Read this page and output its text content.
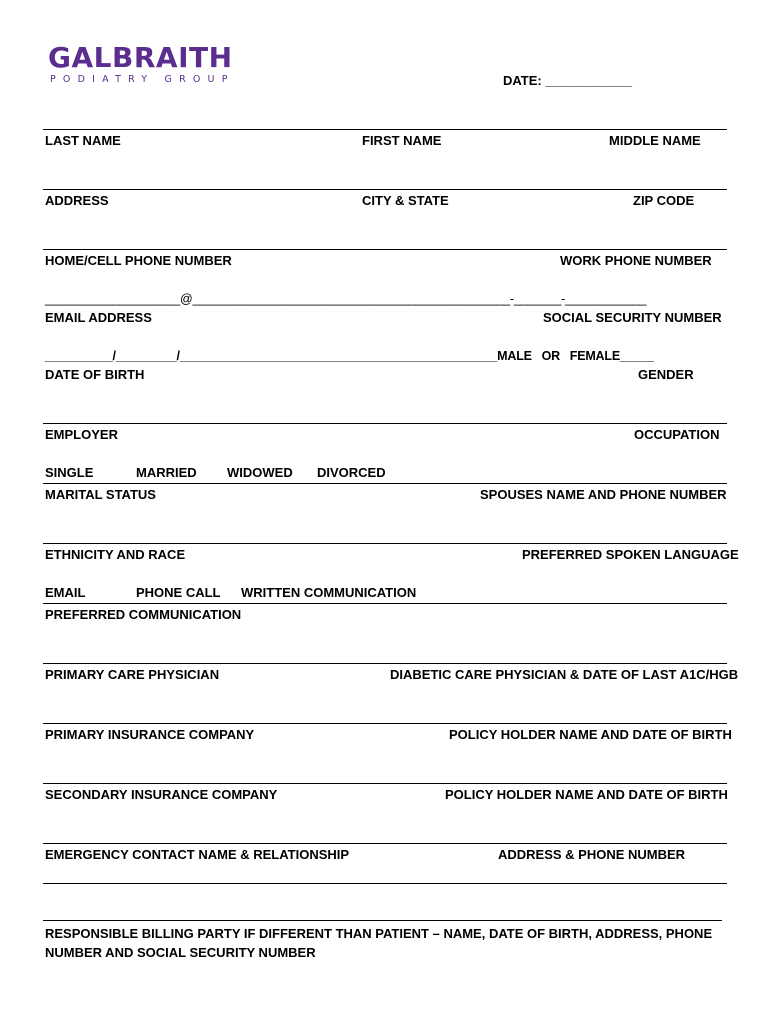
GALBRAITH
PODIATRY GROUP	DATE: ____________
LAST NAME	FIRST NAME	MIDDLE NAME
ADDRESS	CITY & STATE	ZIP CODE
HOME/CELL PHONE NUMBER	WORK PHONE NUMBER
____________________@_______________________________________________-_______-____________
EMAIL ADDRESS	SOCIAL SECURITY NUMBER
__________/_________/_______________________________________________MALE   OR   FEMALE_____
DATE OF BIRTH	GENDER
EMPLOYER	OCCUPATION
SINGLE	MARRIED WIDOWED DIVORCED
MARITAL STATUS	SPOUSES NAME AND PHONE NUMBER
ETHNICITY AND RACE	PREFERRED SPOKEN LANGUAGE
EMAIL	PHONE CALL WRITTEN COMMUNICATION
PREFERRED COMMUNICATION
PRIMARY CARE PHYSICIAN	DIABETIC CARE PHYSICIAN & DATE OF LAST A1C/HGB
PRIMARY INSURANCE COMPANY	POLICY HOLDER NAME AND DATE OF BIRTH
SECONDARY INSURANCE COMPANY	POLICY HOLDER NAME AND DATE OF BIRTH
EMERGENCY CONTACT NAME & RELATIONSHIP	ADDRESS & PHONE NUMBER
RESPONSIBLE BILLING PARTY IF DIFFERENT THAN PATIENT – NAME, DATE OF BIRTH, ADDRESS, PHONE
NUMBER AND SOCIAL SECURITY NUMBER
